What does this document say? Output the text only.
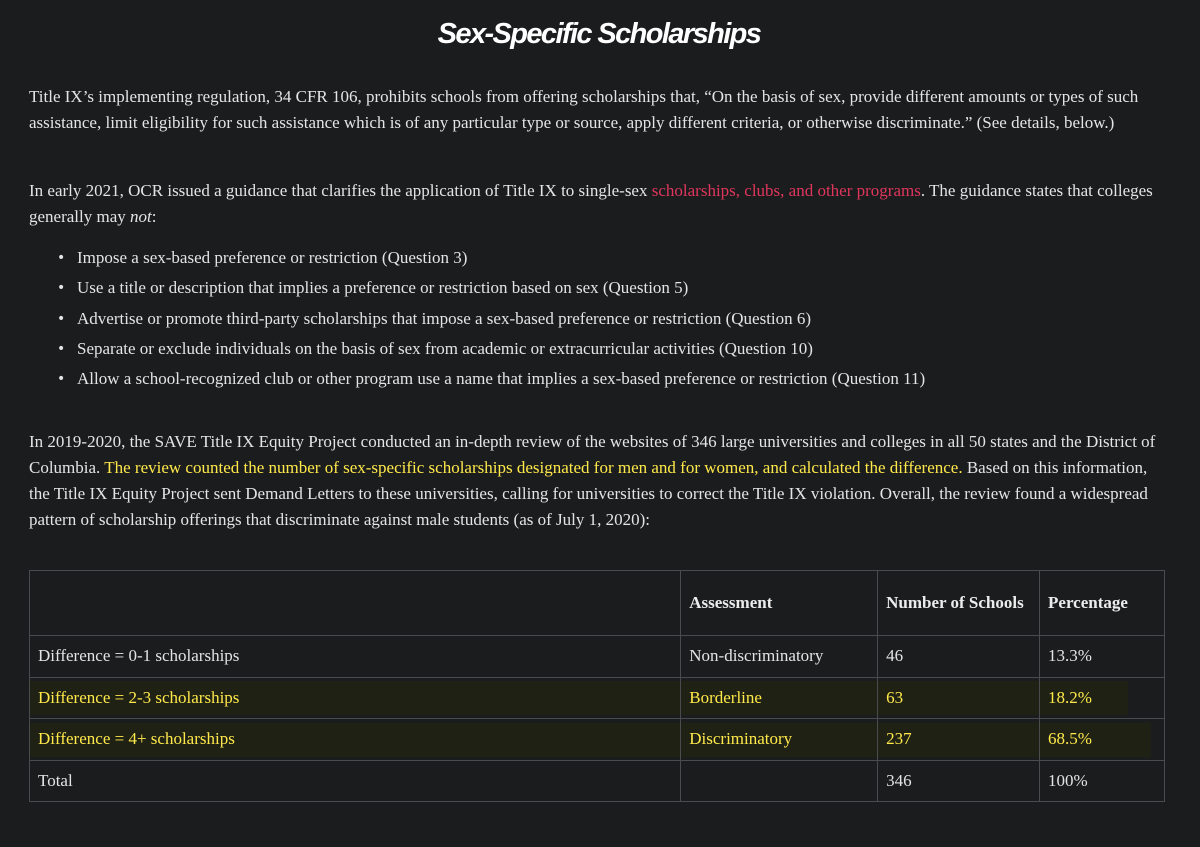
Sex-Specific Scholarships

Title IX’s implementing regulation, 34 CFR 106, prohibits schools from offering scholarships that, “On the basis of sex, provide different amounts or types of such assistance, limit eligibility for such assistance which is of any particular type or source, apply different criteria, or otherwise discriminate.” (See details, below.)

In early 2021, OCR issued a guidance that clarifies the application of Title IX to single-sex scholarships, clubs, and other programs. The guidance states that colleges generally may not:

• Impose a sex-based preference or restriction (Question 3)
• Use a title or description that implies a preference or restriction based on sex (Question 5)
• Advertise or promote third-party scholarships that impose a sex-based preference or restriction (Question 6)
• Separate or exclude individuals on the basis of sex from academic or extracurricular activities (Question 10)
• Allow a school-recognized club or other program use a name that implies a sex-based preference or restriction (Question 11)

In 2019-2020, the SAVE Title IX Equity Project conducted an in-depth review of the websites of 346 large universities and colleges in all 50 states and the District of Columbia. The review counted the number of sex-specific scholarships designated for men and for women, and calculated the difference. Based on this information, the Title IX Equity Project sent Demand Letters to these universities, calling for universities to correct the Title IX violation. Overall, the review found a widespread pattern of scholarship offerings that discriminate against male students (as of July 1, 2020):

	Assessment	Number of Schools	Percentage
Difference = 0-1 scholarships	Non-discriminatory	46	13.3%
Difference = 2-3 scholarships	Borderline	63	18.2%
Difference = 4+ scholarships	Discriminatory	237	68.5%
Total		346	100%
